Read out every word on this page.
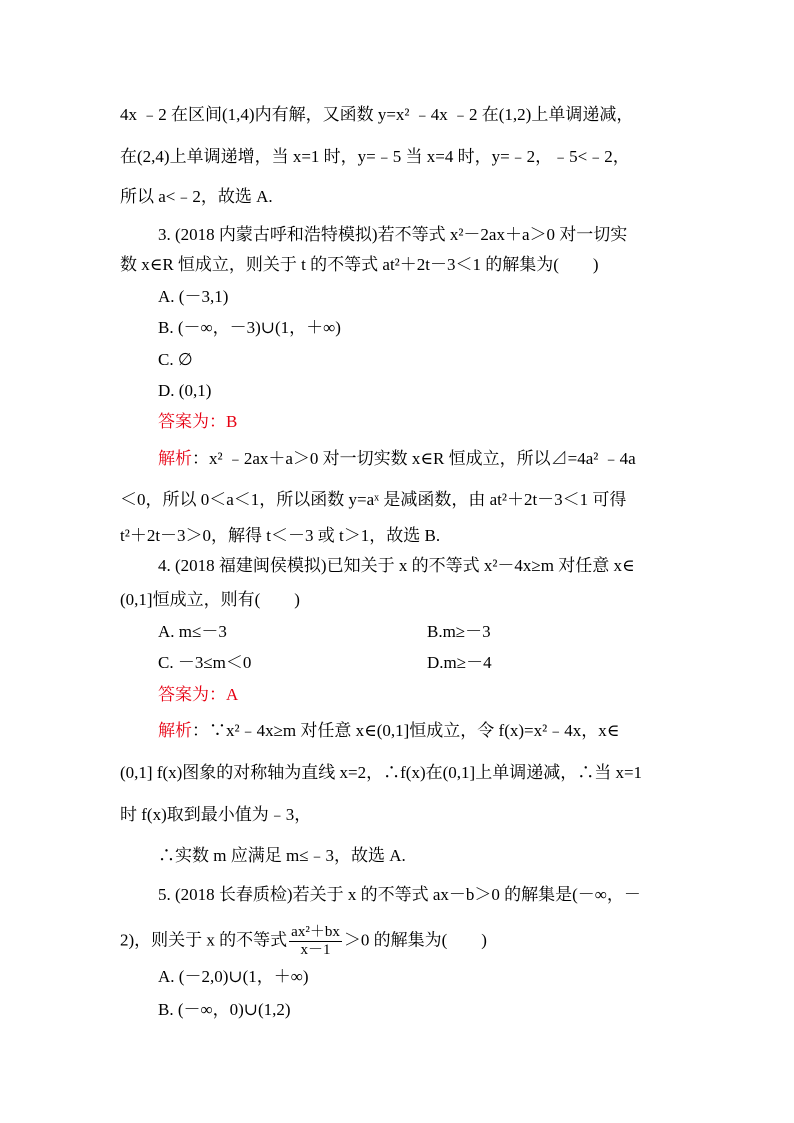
4x ﹣2 在区间(1,4)内有解，又函数 y=x² ﹣4x ﹣2 在(1,2)上单调递减，
在(2,4)上单调递增，当 x=1 时，y=﹣5 当 x=4 时，y=﹣2，﹣5<﹣2，
所以 a<﹣2，故选 A.
3. (2018 内蒙古呼和浩特模拟)若不等式 x²－2ax＋a＞0 对一切实
数 x∈R 恒成立，则关于 t 的不等式 at²＋2t－3＜1 的解集为(　　)
A. (－3,1)
B. (－∞，－3)∪(1，＋∞)
C. ∅
D. (0,1)
答案为：B
解析：x² ﹣2ax＋a＞0 对一切实数 x∈R 恒成立，所以⊿=4a² ﹣4a
＜0，所以 0＜a＜1，所以函数 y=aˣ 是减函数，由 at²＋2t－3＜1 可得
t²＋2t－3＞0，解得 t＜－3 或 t＞1，故选 B.
4. (2018 福建闽侯模拟)已知关于 x 的不等式 x²－4x≥m 对任意 x∈
(0,1]恒成立，则有(　　)
A. m≤－3	B.m≥－3
C. －3≤m＜0	D.m≥－4
答案为：A
解析：∵x²﹣4x≥m 对任意 x∈(0,1]恒成立，令 f(x)=x²﹣4x，x∈
(0,1] f(x)图象的对称轴为直线 x=2，∴f(x)在(0,1]上单调递减，∴当 x=1
时 f(x)取到最小值为﹣3，
∴实数 m 应满足 m≤﹣3，故选 A.
5. (2018 长春质检)若关于 x 的不等式 ax－b＞0 的解集是(－∞，－
2)，则关于 x 的不等式 $\frac{\text{ax²＋bx}}{x-1} >0$ 的解集为(　　)
A. (－2,0)∪(1，＋∞)
B. (－∞，0)∪(1,2)
